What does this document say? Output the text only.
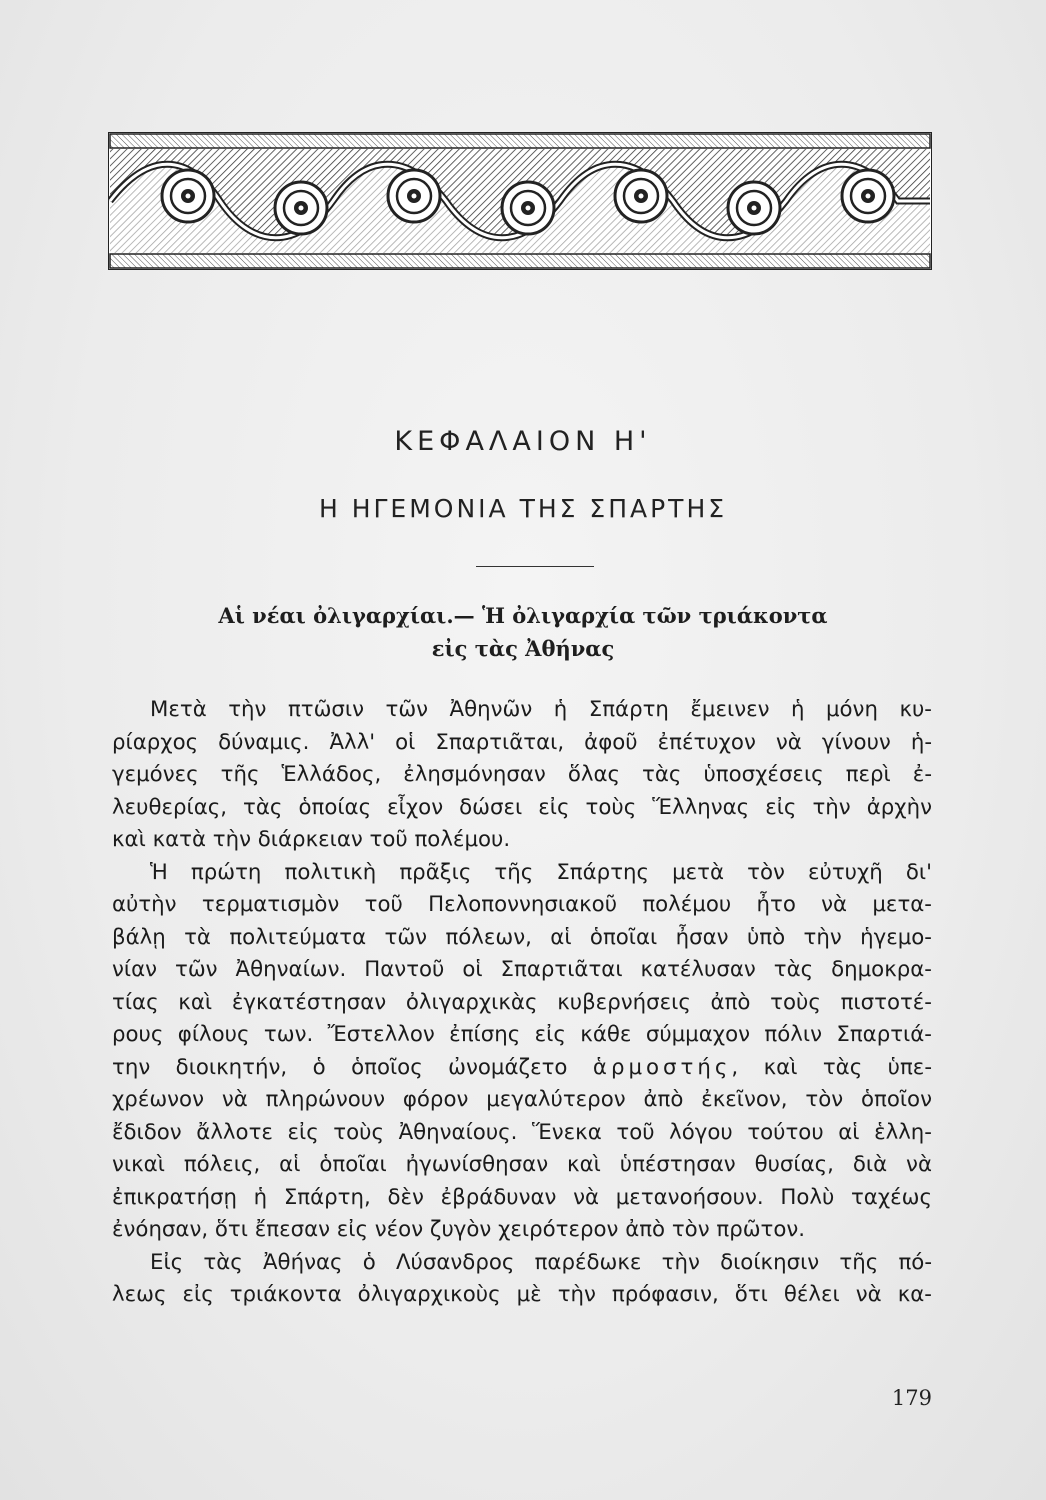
ΚΕΦΑΛΑΙΟΝ Η'
Η ΗΓΕΜΟΝΙΑ ΤΗΣ ΣΠΑΡΤΗΣ
Αἱ νέαι ὀλιγαρχίαι.— Ἡ ὀλιγαρχία τῶν τριάκοντα
εἰς τὰς Ἀθήνας
Μετὰ τὴν πτῶσιν τῶν Ἀθηνῶν ἡ Σπάρτη ἔμεινεν ἡ μόνη κυ-
ρίαρχος δύναμις. Ἀλλ' οἱ Σπαρτιᾶται, ἀφοῦ ἐπέτυχον νὰ γίνουν ἡ-
γεμόνες τῆς Ἑλλάδος, ἐλησμόνησαν ὅλας τὰς ὑποσχέσεις περὶ ἐ-
λευθερίας, τὰς ὁποίας εἶχον δώσει εἰς τοὺς Ἕλληνας εἰς τὴν ἀρχὴν
καὶ κατὰ τὴν διάρκειαν τοῦ πολέμου.
Ἡ πρώτη πολιτικὴ πρᾶξις τῆς Σπάρτης μετὰ τὸν εὐτυχῆ δι'
αὐτὴν τερματισμὸν τοῦ Πελοποννησιακοῦ πολέμου ἦτο νὰ μετα-
βάλῃ τὰ πολιτεύματα τῶν πόλεων, αἱ ὁποῖαι ἦσαν ὑπὸ τὴν ἡγεμο-
νίαν τῶν Ἀθηναίων. Παντοῦ οἱ Σπαρτιᾶται κατέλυσαν τὰς δημοκρα-
τίας καὶ ἐγκατέστησαν ὀλιγαρχικὰς κυβερνήσεις ἀπὸ τοὺς πιστοτέ-
ρους φίλους των. Ἔστελλον ἐπίσης εἰς κάθε σύμμαχον πόλιν Σπαρτιά-
την διοικητήν, ὁ ὁποῖος ὠνομάζετο ἁρμοστής, καὶ τὰς ὑπε-
χρέωνον νὰ πληρώνουν φόρον μεγαλύτερον ἀπὸ ἐκεῖνον, τὸν ὁποῖον
ἔδιδον ἄλλοτε εἰς τοὺς Ἀθηναίους. Ἕνεκα τοῦ λόγου τούτου αἱ ἑλλη-
νικαὶ πόλεις, αἱ ὁποῖαι ἠγωνίσθησαν καὶ ὑπέστησαν θυσίας, διὰ νὰ
ἐπικρατήσῃ ἡ Σπάρτη, δὲν ἐβράδυναν νὰ μετανοήσουν. Πολὺ ταχέως
ἐνόησαν, ὅτι ἔπεσαν εἰς νέον ζυγὸν χειρότερον ἀπὸ τὸν πρῶτον.
Εἰς τὰς Ἀθήνας ὁ Λύσανδρος παρέδωκε τὴν διοίκησιν τῆς πό-
λεως εἰς τριάκοντα ὀλιγαρχικοὺς μὲ τὴν πρόφασιν, ὅτι θέλει νὰ κα-
179
